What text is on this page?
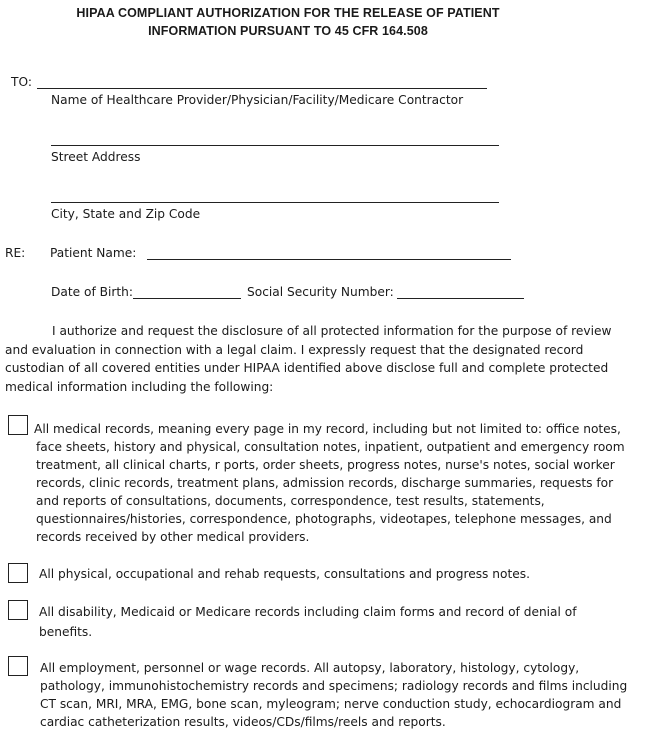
HIPAA COMPLIANT AUTHORIZATION FOR THE RELEASE OF PATIENT
INFORMATION PURSUANT TO 45 CFR 164.508
TO:
Name of Healthcare Provider/Physician/Facility/Medicare Contractor
Street Address
City, State and Zip Code
RE: Patient Name:
Date of Birth:	Social Security Number:
I authorize and request the disclosure of all protected information for the purpose of review and evaluation in connection with a legal claim. I expressly request that the designated record custodian of all covered entities under HIPAA identified above disclose full and complete protected medical information including the following:
All medical records, meaning every page in my record, including but not limited to: office notes, face sheets, history and physical, consultation notes, inpatient, outpatient and emergency room treatment, all clinical charts, r ports, order sheets, progress notes, nurse's notes, social worker records, clinic records, treatment plans, admission records, discharge summaries, requests for and reports of consultations, documents, correspondence, test results, statements, questionnaires/histories, correspondence, photographs, videotapes, telephone messages, and records received by other medical providers.
All physical, occupational and rehab requests, consultations and progress notes.
All disability, Medicaid or Medicare records including claim forms and record of denial of benefits.
All employment, personnel or wage records. All autopsy, laboratory, histology, cytology, pathology, immunohistochemistry records and specimens; radiology records and films including CT scan, MRI, MRA, EMG, bone scan, myleogram; nerve conduction study, echocardiogram and cardiac catheterization results, videos/CDs/films/reels and reports.
